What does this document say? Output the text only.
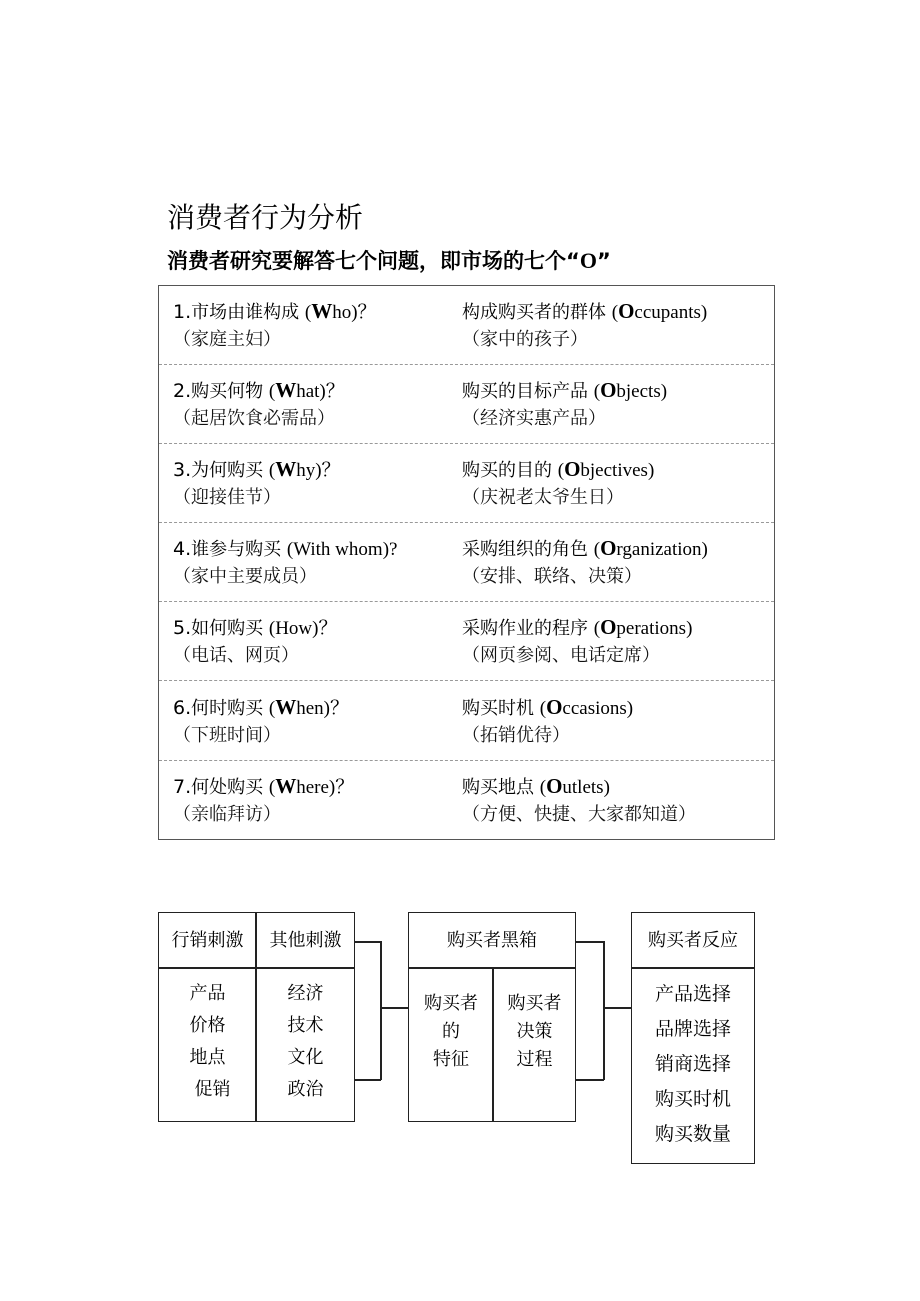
消费者行为分析
消费者研究要解答七个问题，即市场的七个“O”
1.市场由谁构成 (Who)？
（家庭主妇）
构成购买者的群体 (Occupants)
（家中的孩子）
2.购买何物 (What)？
（起居饮食必需品）
购买的目标产品 (Objects)
（经济实惠产品）
3.为何购买 (Why)？
（迎接佳节）
购买的目的 (Objectives)
（庆祝老太爷生日）
4.谁参与购买 (With whom)?
（家中主要成员）
采购组织的角色 (Organization)
（安排、联络、决策）
5.如何购买 (How)？
（电话、网页）
采购作业的程序 (Operations)
（网页参阅、电话定席）
6.何时购买 (When)？
（下班时间）
购买时机 (Occasions)
（拓销优待）
7.何处购买 (Where)？
（亲临拜访）
购买地点 (Outlets)
（方便、快捷、大家都知道）
行销刺激	其他刺激
产品
价格
地点
促销
经济
技术
文化
政治
购买者黑箱
购买者
的
特征
购买者
决策
过程
购买者反应
产品选择
品牌选择
销商选择
购买时机
购买数量
